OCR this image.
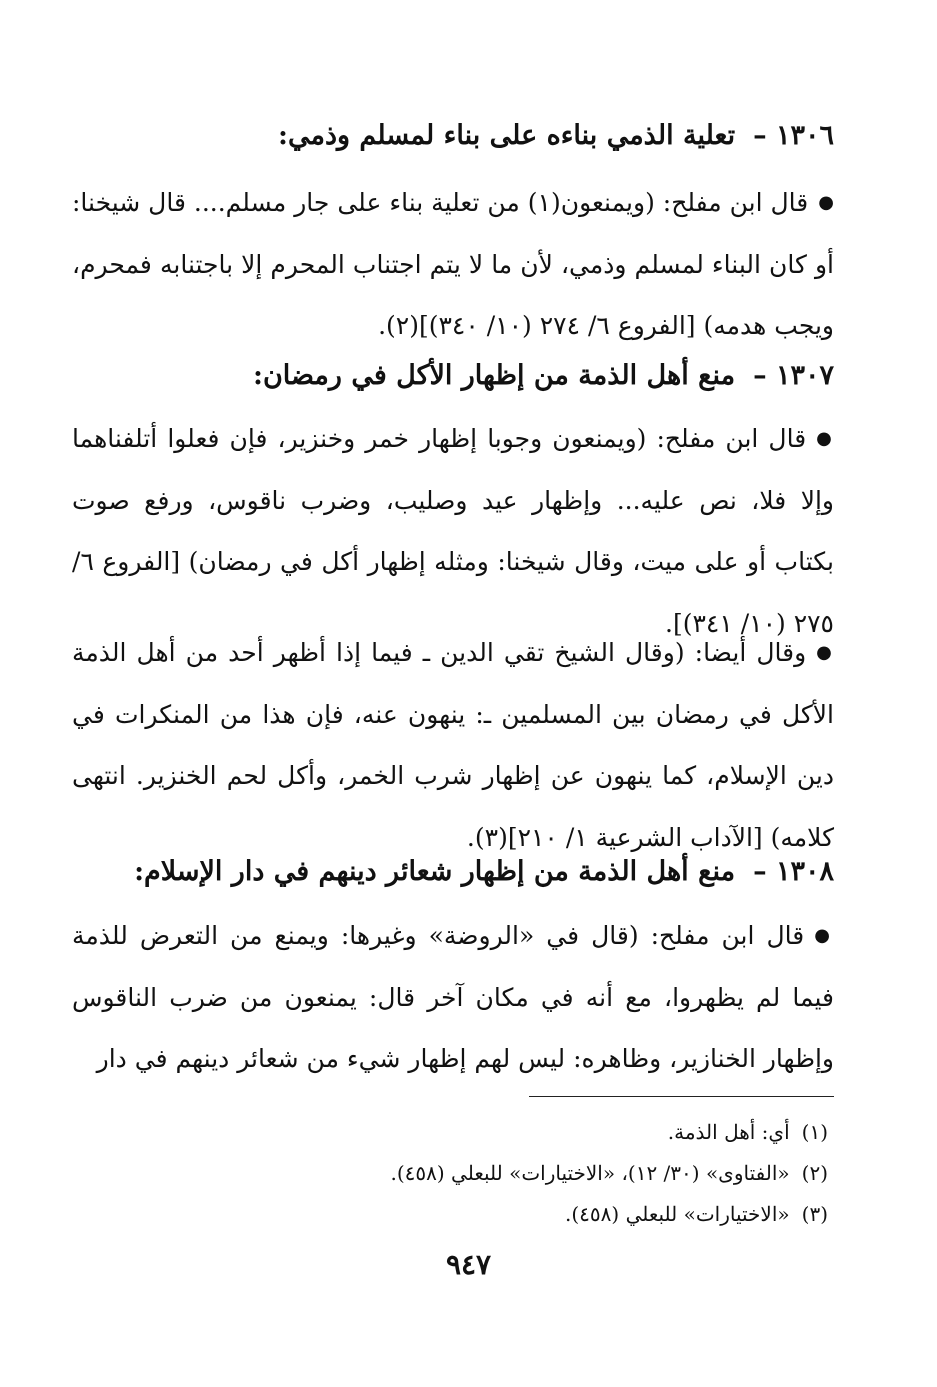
١٣٠٦ –تعلية الذمي بناءه على بناء لمسلم وذمي:
●قال ابن مفلح: (ويمنعون(١) من تعلية بناء على جار مسلم.... قال شيخنا: أو كان البناء لمسلم وذمي، لأن ما لا يتم اجتناب المحرم إلا باجتنابه فمحرم، ويجب هدمه) [الفروع ٦/ ٢٧٤ (١٠/ ٣٤٠)](٢).
١٣٠٧ –منع أهل الذمة من إظهار الأكل في رمضان:
●قال ابن مفلح: (ويمنعون وجوبا إظهار خمر وخنزير، فإن فعلوا أتلفناهما وإلا فلا، نص عليه... وإظهار عيد وصليب، وضرب ناقوس، ورفع صوت بكتاب أو على ميت، وقال شيخنا: ومثله إظهار أكل في رمضان) [الفروع ٦/ ٢٧٥ (١٠/ ٣٤١)].
●وقال أيضا: (وقال الشيخ تقي الدين ـ فيما إذا أظهر أحد من أهل الذمة الأكل في رمضان بين المسلمين ـ: ينهون عنه، فإن هذا من المنكرات في دين الإسلام، كما ينهون عن إظهار شرب الخمر، وأكل لحم الخنزير. انتهى كلامه) [الآداب الشرعية ١/ ٢١٠](٣).
١٣٠٨ –منع أهل الذمة من إظهار شعائر دينهم في دار الإسلام:
●قال ابن مفلح: (قال في «الروضة» وغيرها: ويمنع من التعرض للذمة فيما لم يظهروا، مع أنه في مكان آخر قال: يمنعون من ضرب الناقوس وإظهار الخنازير، وظاهره: ليس لهم إظهار شيء من شعائر دينهم في دار
(١)أي: أهل الذمة.
(٢)«الفتاوى» (٣٠/ ١٢)، «الاختيارات» للبعلي (٤٥٨).
(٣)«الاختيارات» للبعلي (٤٥٨).
٩٤٧
